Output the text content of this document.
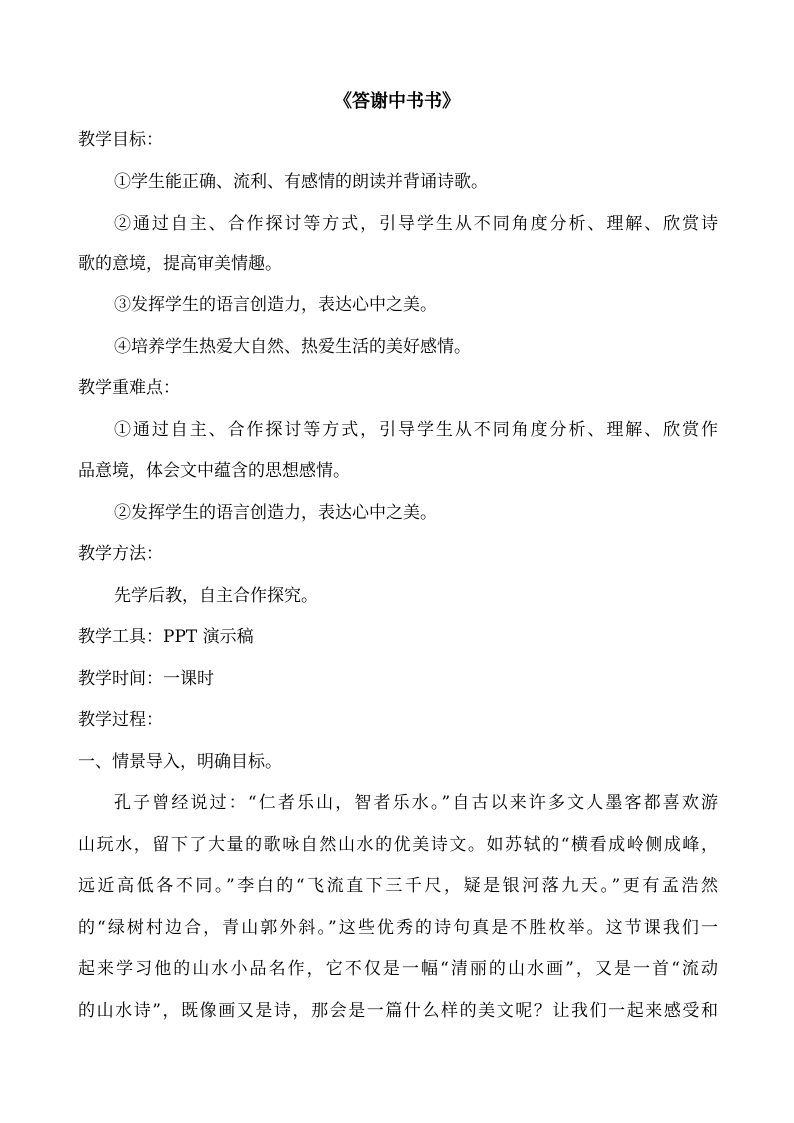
《答谢中书书》
教学目标：
①学生能正确、流利、有感情的朗读并背诵诗歌。
②通过自主、合作探讨等方式，引导学生从不同角度分析、理解、欣赏诗
歌的意境，提高审美情趣。
③发挥学生的语言创造力，表达心中之美。
④培养学生热爱大自然、热爱生活的美好感情。
教学重难点：
①通过自主、合作探讨等方式，引导学生从不同角度分析、理解、欣赏作
品意境，体会文中蕴含的思想感情。
②发挥学生的语言创造力，表达心中之美。
教学方法：
先学后教，自主合作探究。
教学工具：PPT 演示稿
教学时间：一课时
教学过程：
一、情景导入，明确目标。
孔子曾经说过：“仁者乐山，智者乐水。”自古以来许多文人墨客都喜欢游
山玩水，留下了大量的歌咏自然山水的优美诗文。如苏轼的“横看成岭侧成峰，
远近高低各不同。”李白的“飞流直下三千尺，疑是银河落九天。”更有孟浩然
的“绿树村边合，青山郭外斜。”这些优秀的诗句真是不胜枚举。这节课我们一
起来学习他的山水小品名作，它不仅是一幅“清丽的山水画”，又是一首“流动
的山水诗”，既像画又是诗，那会是一篇什么样的美文呢？让我们一起来感受和
